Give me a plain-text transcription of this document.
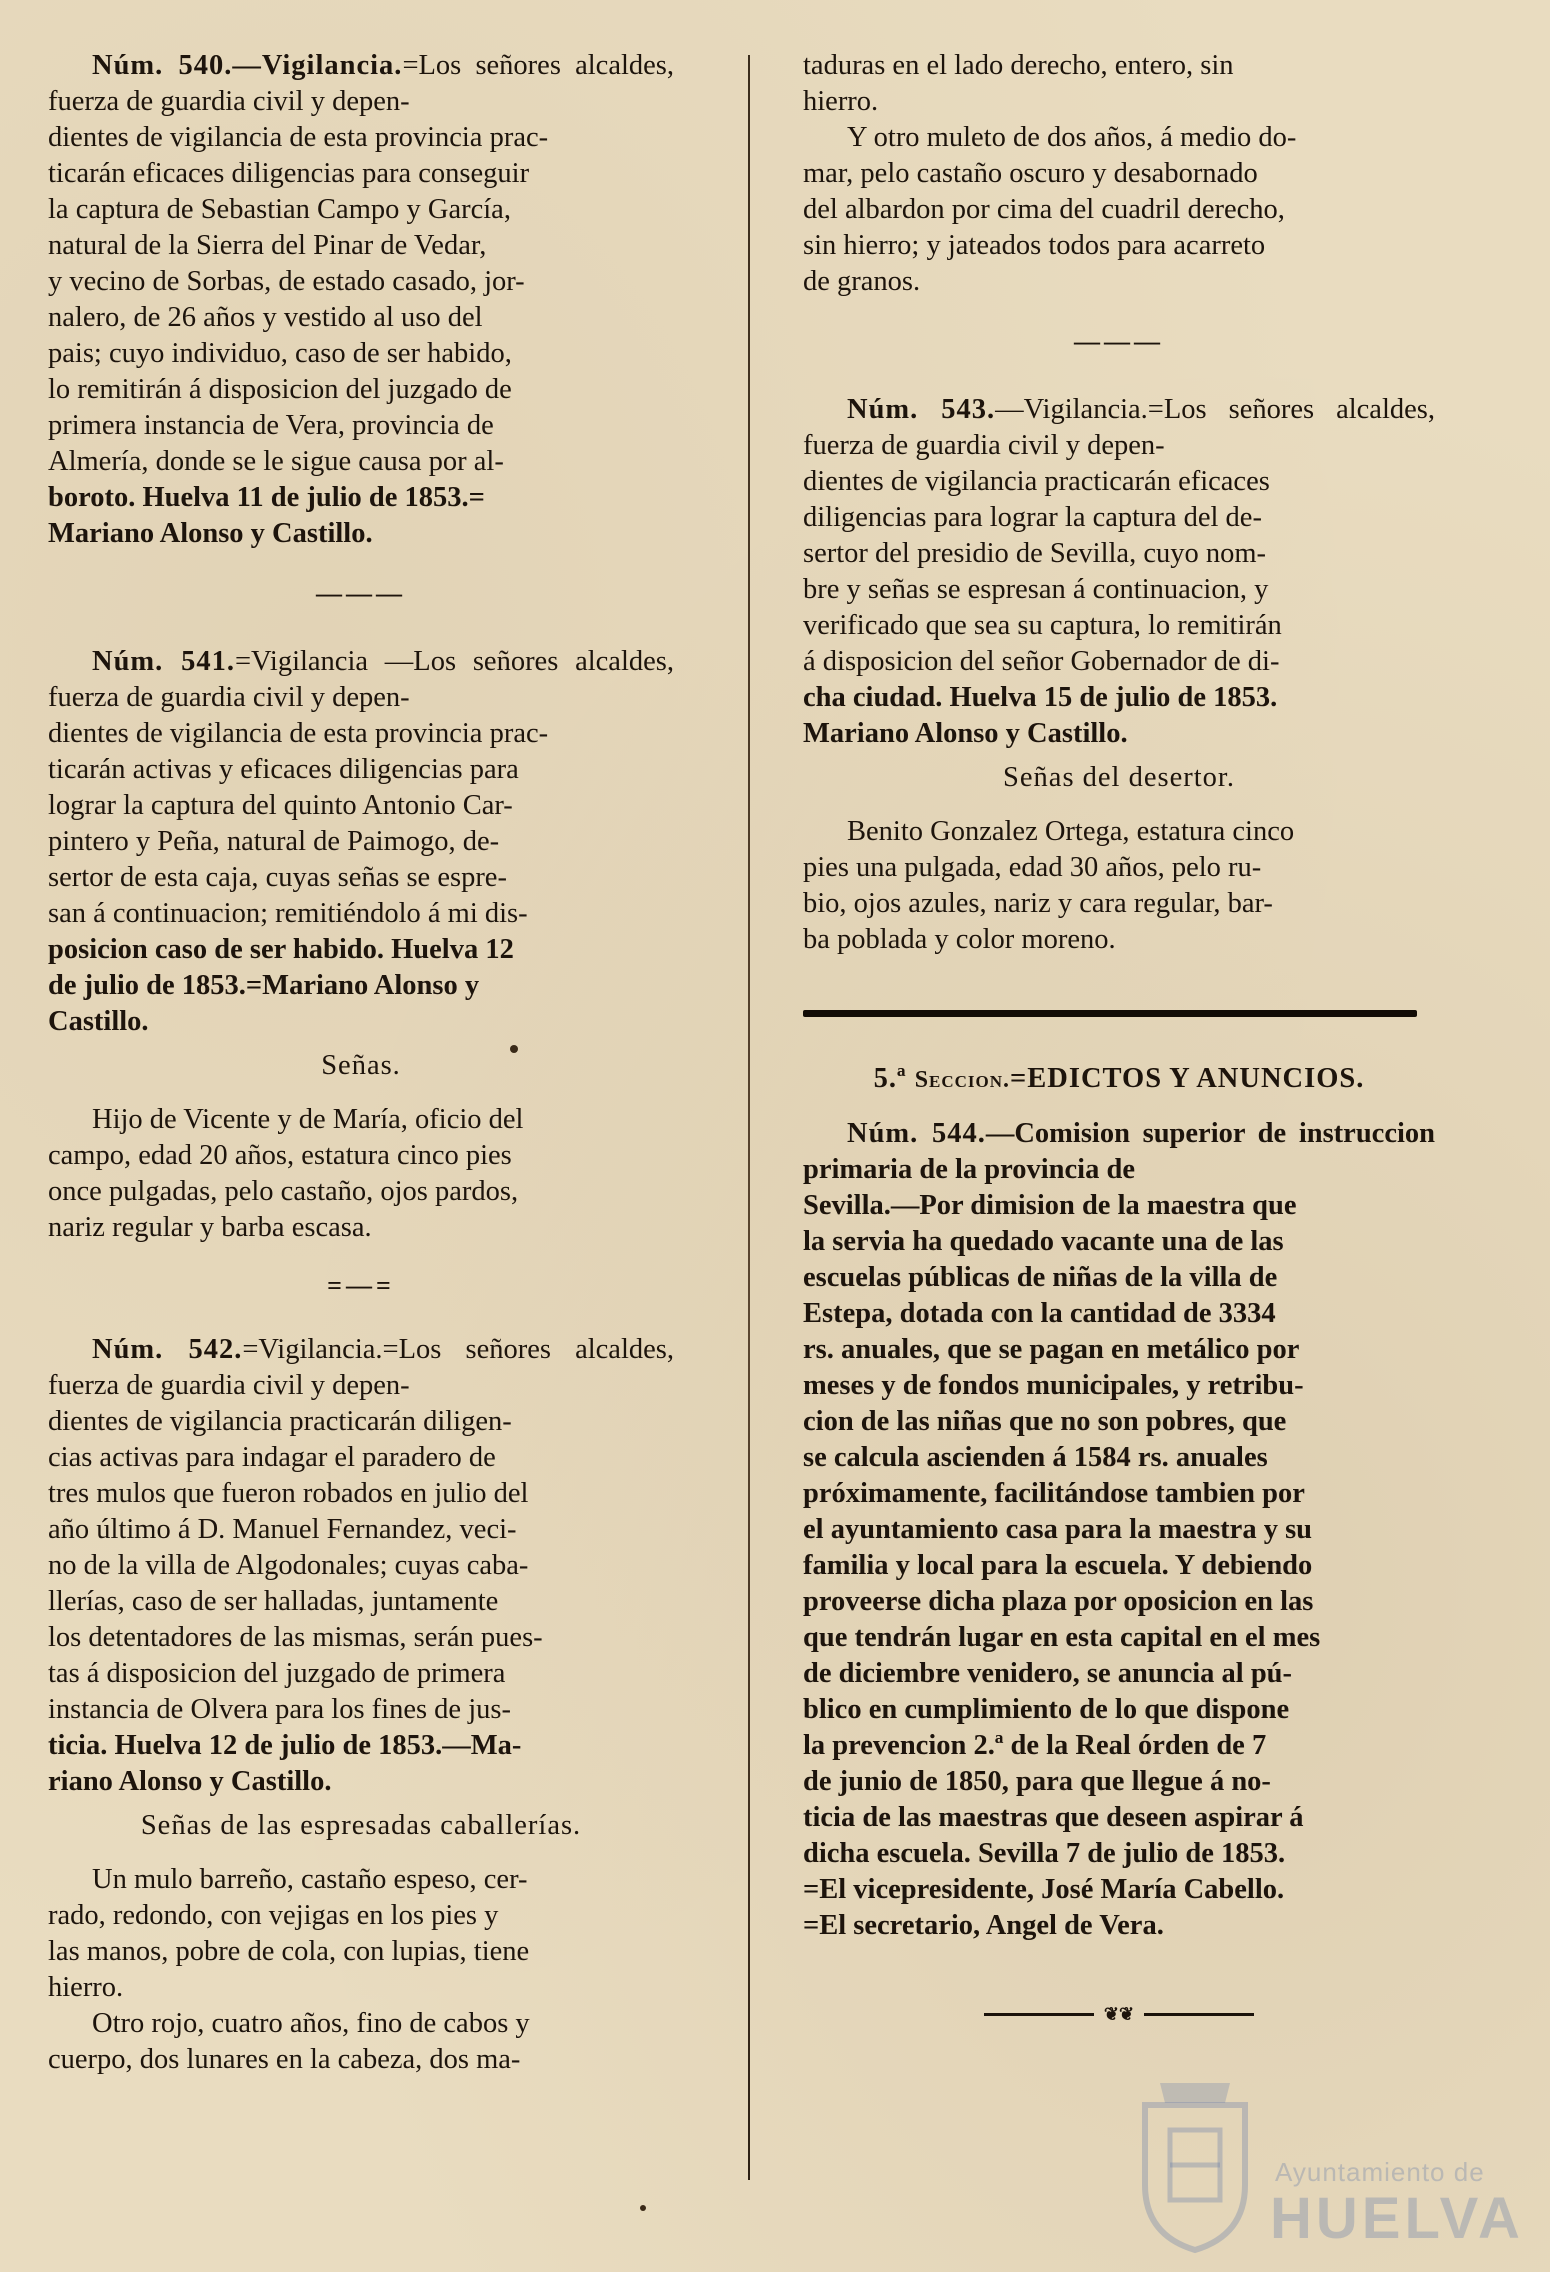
Núm. 540.—Vigilancia.=Los señores alcaldes, fuerza de guardia civil y depen-

dientes de vigilancia de esta provincia prac-

ticarán eficaces diligencias para conseguir

la captura de Sebastian Campo y García,

natural de la Sierra del Pinar de Vedar,

y vecino de Sorbas, de estado casado, jor-

nalero, de 26 años y vestido al uso del

pais; cuyo individuo, caso de ser habido,

lo remitirán á disposicion del juzgado de

primera instancia de Vera, provincia de

Almería, donde se le sigue causa por al-

boroto. Huelva 11 de julio de 1853.=

Mariano Alonso y Castillo.

———

Núm. 541.=Vigilancia —Los señores alcaldes, fuerza de guardia civil y depen-

dientes de vigilancia de esta provincia prac-

ticarán activas y eficaces diligencias para

lograr la captura del quinto Antonio Car-

pintero y Peña, natural de Paimogo, de-

sertor de esta caja, cuyas señas se espre-

san á continuacion; remitiéndolo á mi dis-

posicion caso de ser habido. Huelva 12

de julio de 1853.=Mariano Alonso y

Castillo.

Señas.

Hijo de Vicente y de María, oficio del

campo, edad 20 años, estatura cinco pies

once pulgadas, pelo castaño, ojos pardos,

nariz regular y barba escasa.

=—=

Núm. 542.=Vigilancia.=Los señores alcaldes, fuerza de guardia civil y depen-

dientes de vigilancia practicarán diligen-

cias activas para indagar el paradero de

tres mulos que fueron robados en julio del

año último á D. Manuel Fernandez, veci-

no de la villa de Algodonales; cuyas caba-

llerías, caso de ser halladas, juntamente

los detentadores de las mismas, serán pues-

tas á disposicion del juzgado de primera

instancia de Olvera para los fines de jus-

ticia. Huelva 12 de julio de 1853.—Ma-

riano Alonso y Castillo.

Señas de las espresadas caballerías.

Un mulo barreño, castaño espeso, cer-

rado, redondo, con vejigas en los pies y

las manos, pobre de cola, con lupias, tiene

hierro.

Otro rojo, cuatro años, fino de cabos y

cuerpo, dos lunares en la cabeza, dos ma-

taduras en el lado derecho, entero, sin

hierro.

Y otro muleto de dos años, á medio do-

mar, pelo castaño oscuro y desabornado

del albardon por cima del cuadril derecho,

sin hierro; y jateados todos para acarreto

de granos.

———

Núm. 543.—Vigilancia.=Los señores alcaldes, fuerza de guardia civil y depen-

dientes de vigilancia practicarán eficaces

diligencias para lograr la captura del de-

sertor del presidio de Sevilla, cuyo nom-

bre y señas se espresan á continuacion, y

verificado que sea su captura, lo remitirán

á disposicion del señor Gobernador de di-

cha ciudad. Huelva 15 de julio de 1853.

Mariano Alonso y Castillo.

Señas del desertor.

Benito Gonzalez Ortega, estatura cinco

pies una pulgada, edad 30 años, pelo ru-

bio, ojos azules, nariz y cara regular, bar-

ba poblada y color moreno.

5.ª Seccion.=EDICTOS Y ANUNCIOS.

Núm. 544.—Comision superior de instruccion primaria de la provincia de

Sevilla.—Por dimision de la maestra que

la servia ha quedado vacante una de las

escuelas públicas de niñas de la villa de

Estepa, dotada con la cantidad de 3334

rs. anuales, que se pagan en metálico por

meses y de fondos municipales, y retribu-

cion de las niñas que no son pobres, que

se calcula ascienden á 1584 rs. anuales

próximamente, facilitándose tambien por

el ayuntamiento casa para la maestra y su

familia y local para la escuela. Y debiendo

proveerse dicha plaza por oposicion en las

que tendrán lugar en esta capital en el mes

de diciembre venidero, se anuncia al pú-

blico en cumplimiento de lo que dispone

la prevencion 2.ª de la Real órden de 7

de junio de 1850, para que llegue á no-

ticia de las maestras que deseen aspirar á

dicha escuela. Sevilla 7 de julio de 1853.

=El vicepresidente, José María Cabello.

=El secretario, Angel de Vera.

❦❦
Ayuntamiento de
HUELVA
